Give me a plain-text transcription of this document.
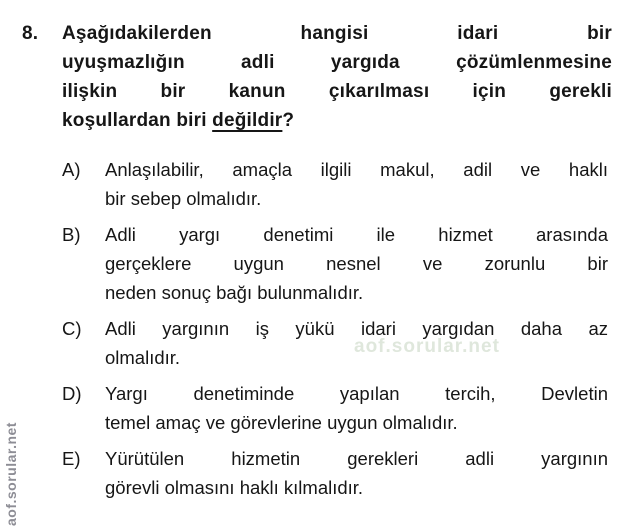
8.	Aşağıdakilerden hangisi idari bir
uyuşmazlığın adli yargıda çözümlenmesine
ilişkin bir kanun çıkarılması için gerekli
koşullardan biri değildir?
A)	Anlaşılabilir, amaçla ilgili makul, adil ve haklı
bir sebep olmalıdır.
B)	Adli yargı denetimi ile hizmet arasında
gerçeklere uygun nesnel ve zorunlu bir
neden sonuç bağı bulunmalıdır.
C)	Adli yargının iş yükü idari yargıdan daha az
olmalıdır.
D)	Yargı denetiminde yapılan tercih, Devletin
temel amaç ve görevlerine uygun olmalıdır.
E)	Yürütülen hizmetin gerekleri adli yargının
görevli olmasını haklı kılmalıdır.
aof.sorular.net
aof.sorular.net
